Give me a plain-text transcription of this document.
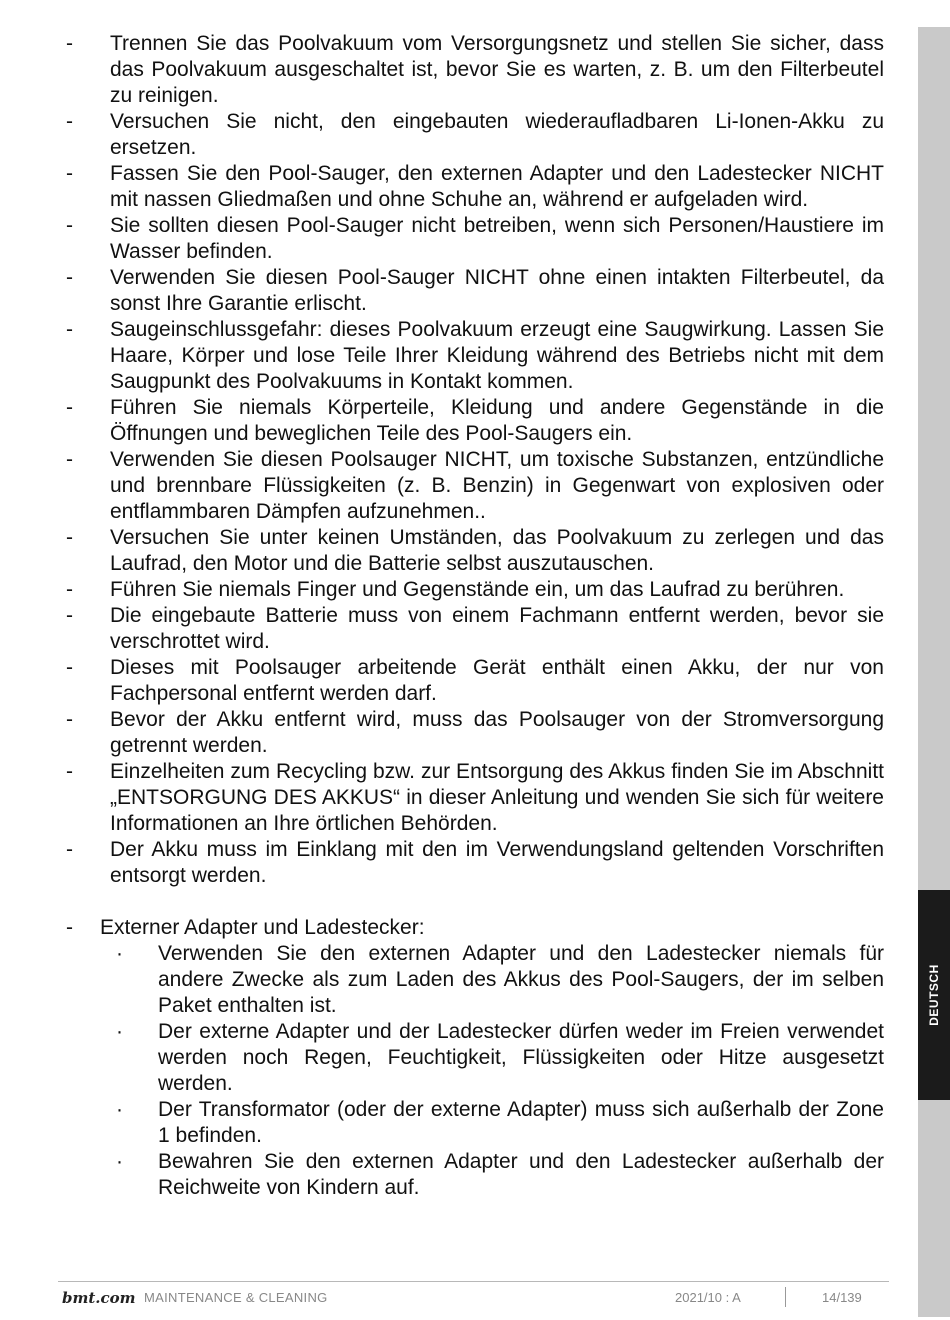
DEUTSCH
-	Trennen Sie das Poolvakuum vom Versorgungsnetz und stellen Sie sicher, dass das Poolvakuum ausgeschaltet ist, bevor Sie es warten, z. B. um den Filterbeutel zu reinigen.
-	Versuchen Sie nicht, den eingebauten wiederaufladbaren Li-Ionen-Akku zu ersetzen.
-	Fassen Sie den Pool-Sauger, den externen Adapter und den Ladestecker NICHT mit nassen Gliedmaßen und ohne Schuhe an, während er aufgeladen wird.
-	Sie sollten diesen Pool-Sauger nicht betreiben, wenn sich Personen/Haustiere im Wasser befinden.
-	Verwenden Sie diesen Pool-Sauger NICHT ohne einen intakten Filterbeutel, da sonst Ihre Garantie erlischt.
-	Saugeinschlussgefahr: dieses Poolvakuum erzeugt eine Saugwirkung. Lassen Sie Haare, Körper und lose Teile Ihrer Kleidung während des Betriebs nicht mit dem Saugpunkt des Poolvakuums in Kontakt kommen.
-	Führen Sie niemals Körperteile, Kleidung und andere Gegenstände in die Öffnungen und beweglichen Teile des Pool-Saugers ein.
-	Verwenden Sie diesen Poolsauger NICHT, um toxische Substanzen, entzündliche und brennbare Flüssigkeiten (z. B. Benzin) in Gegenwart von explosiven oder entflammbaren Dämpfen aufzunehmen..
-	Versuchen Sie unter keinen Umständen, das Poolvakuum zu zerlegen und das Laufrad, den Motor und die Batterie selbst auszutauschen.
-	Führen Sie niemals Finger und Gegenstände ein, um das Laufrad zu berühren.
-	Die eingebaute Batterie muss von einem Fachmann entfernt werden, bevor sie verschrottet wird.
-	Dieses mit Poolsauger arbeitende Gerät enthält einen Akku, der nur von Fachpersonal entfernt werden darf.
-	Bevor der Akku entfernt wird, muss das Poolsauger von der Stromversorgung getrennt werden.
-	Einzelheiten zum Recycling bzw. zur Entsorgung des Akkus finden Sie im Abschnitt „ENTSORGUNG DES AKKUS“ in dieser Anleitung und wenden Sie sich für weitere Informationen an Ihre örtlichen Behörden.
-	Der Akku muss im Einklang mit den im Verwendungsland geltenden Vorschriften entsorgt werden.
-	Externer Adapter und Ladestecker:
·	Verwenden Sie den externen Adapter und den Ladestecker niemals für andere Zwecke als zum Laden des Akkus des Pool-Saugers, der im selben Paket enthalten ist.
·	Der externe Adapter und der Ladestecker dürfen weder im Freien verwendet werden noch Regen, Feuchtigkeit, Flüssigkeiten oder Hitze ausgesetzt werden.
·	Der Transformator (oder der externe Adapter) muss sich außerhalb der Zone 1 befinden.
·	Bewahren Sie den externen Adapter und den Ladestecker außerhalb der Reichweite von Kindern auf.
bmt.com MAINTENANCE & CLEANING	2021/10 : A	14/139
